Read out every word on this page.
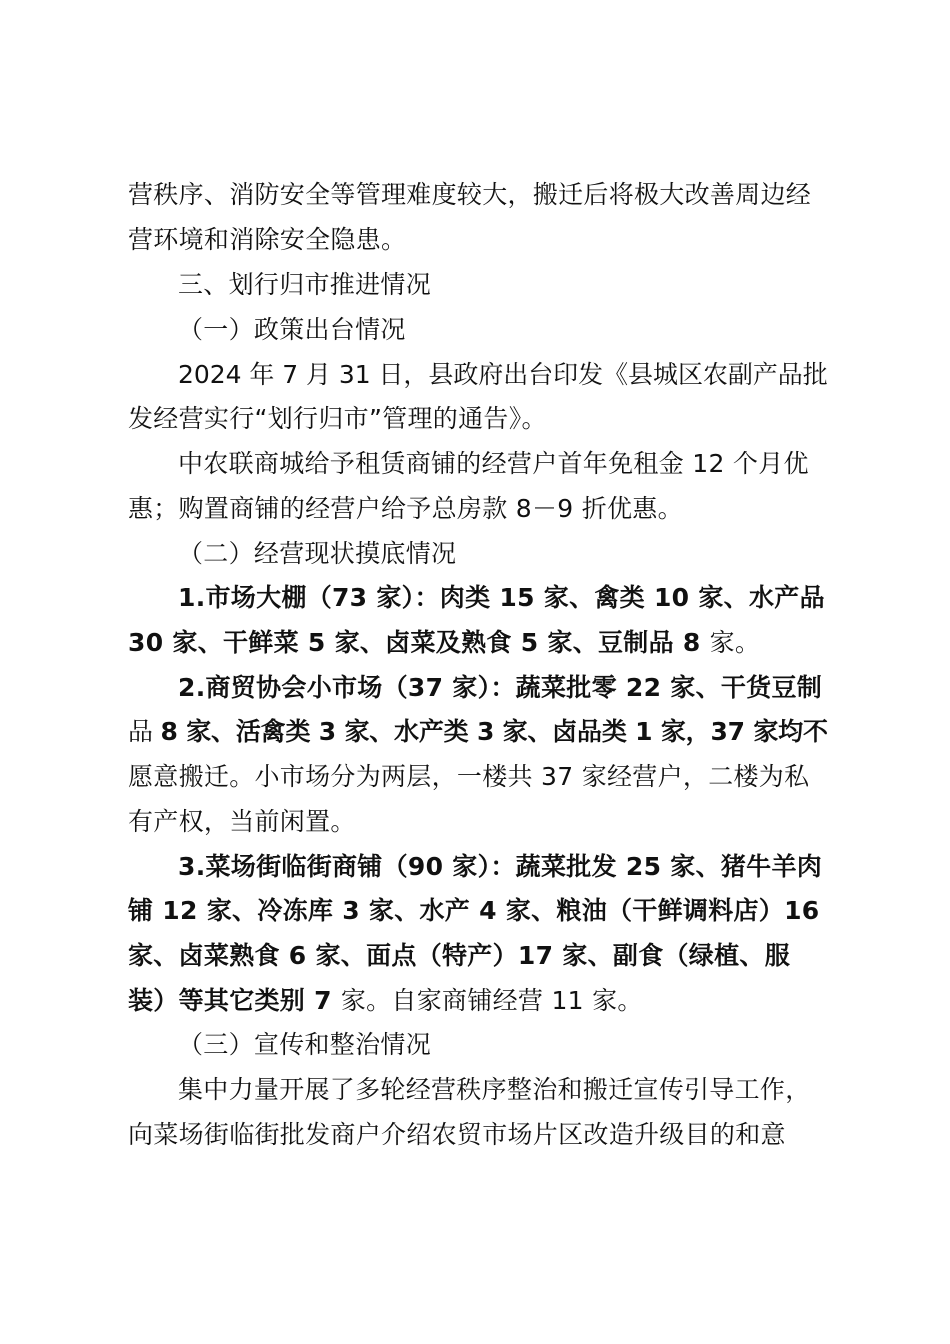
营秩序、消防安全等管理难度较大，搬迁后将极大改善周边经
营环境和消除安全隐患。
三、划行归市推进情况
（一）政策出台情况
2024 年 7 月 31 日，县政府出台印发《县城区农副产品批
发经营实行“划行归市”管理的通告》。
中农联商城给予租赁商铺的经营户首年免租金 12 个月优
惠；购置商铺的经营户给予总房款 8－9 折优惠。
（二）经营现状摸底情况
1.市场大棚（73 家）：肉类 15 家、禽类 10 家、水产品
30 家、干鲜菜 5 家、卤菜及熟食 5 家、豆制品 8 家。
2.商贸协会小市场（37 家）：蔬菜批零 22 家、干货豆制
品 8 家、活禽类 3 家、水产类 3 家、卤品类 1 家，37 家均不
愿意搬迁。小市场分为两层，一楼共 37 家经营户，二楼为私
有产权，当前闲置。
3.菜场街临街商铺（90 家）：蔬菜批发 25 家、猪牛羊肉
铺 12 家、冷冻库 3 家、水产 4 家、粮油（干鲜调料店）16
家、卤菜熟食 6 家、面点（特产）17 家、副食（绿植、服
装）等其它类别 7 家。自家商铺经营 11 家。
（三）宣传和整治情况
集中力量开展了多轮经营秩序整治和搬迁宣传引导工作，
向菜场街临街批发商户介绍农贸市场片区改造升级目的和意
